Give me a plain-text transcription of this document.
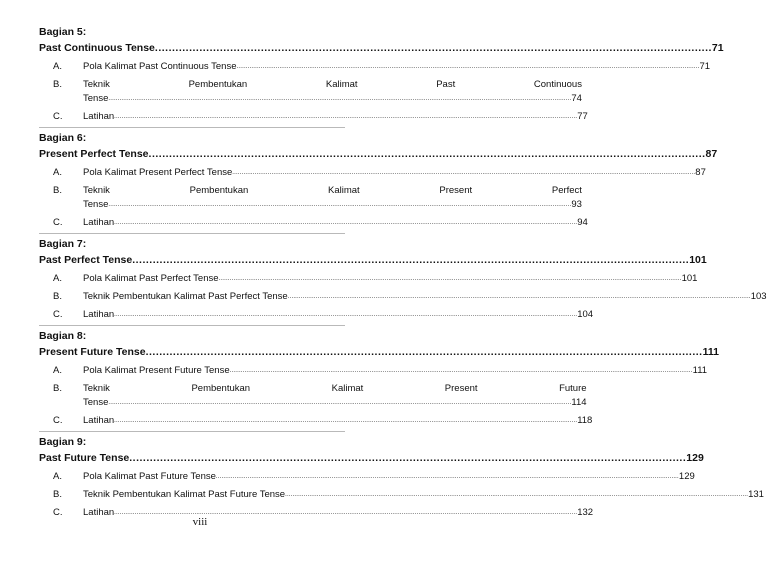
Bagian 5:
Past Continuous Tense .....	71
A.	Pola Kalimat Past Continuous Tense .....	71
B.	Teknik Pembentukan Kalimat Past Continuous
Tense .....	74
C.	Latihan .....	77
Bagian 6:
Present Perfect Tense .....	87
A.	Pola Kalimat Present Perfect Tense .....	87
B.	Teknik Pembentukan Kalimat Present Perfect
Tense .....	93
C.	Latihan .....	94
Bagian 7:
Past Perfect Tense .....	101
A.	Pola Kalimat Past Perfect Tense .....	101
B.	Teknik Pembentukan Kalimat Past Perfect Tense .....	103
C.	Latihan .....	104
Bagian 8:
Present Future Tense .....	111
A.	Pola Kalimat Present Future Tense .....	111
B.	Teknik Pembentukan Kalimat Present Future
Tense .....	114
C.	Latihan .....	118
Bagian 9:
Past Future Tense .....	129
A.	Pola Kalimat Past Future Tense .....	129
B.	Teknik Pembentukan Kalimat Past Future Tense .....	131
C.	Latihan .....	132
viii
